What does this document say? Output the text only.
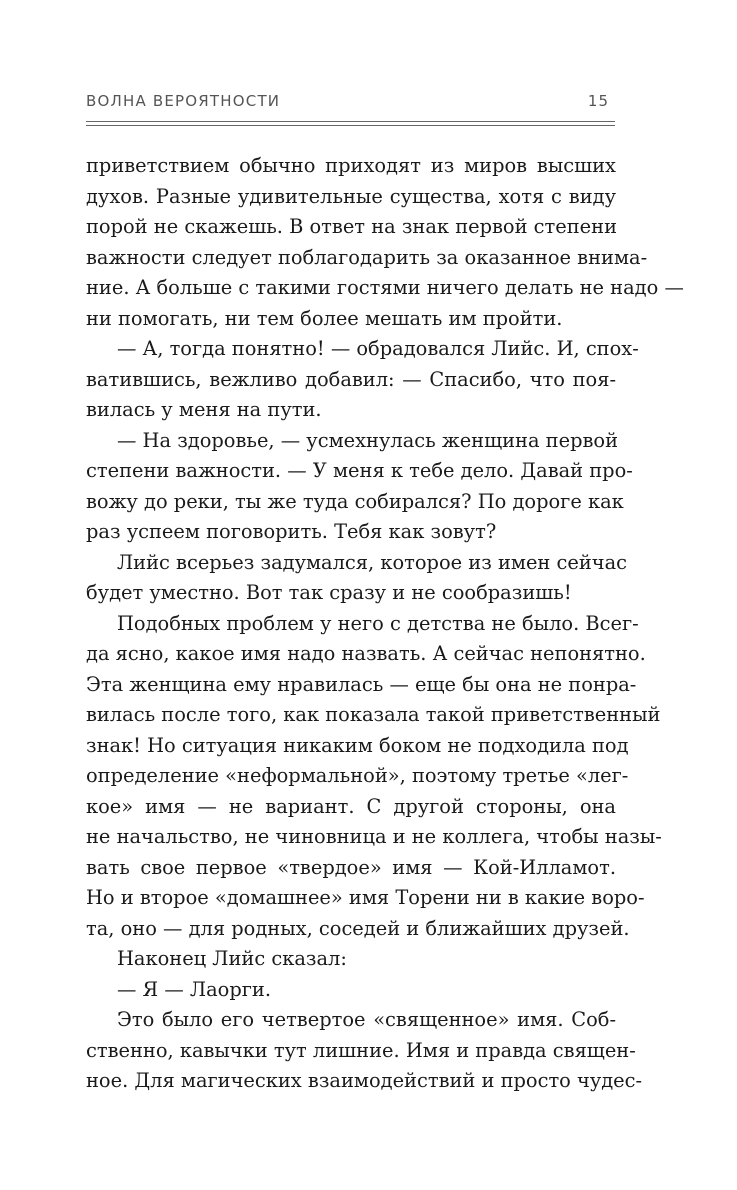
ВОЛНА ВЕРОЯТНОСТИ	15
приветствием обычно приходят из миров высших
духов. Разные удивительные существа, хотя с виду
порой не скажешь. В ответ на знак первой степени
важности следует поблагодарить за оказанное внима-
ние. А больше с такими гостями ничего делать не надо —
ни помогать, ни тем более мешать им пройти.
— А, тогда понятно! — обрадовался Лийс. И, спох-
ватившись, вежливо добавил: — Спасибо, что поя-
вилась у меня на пути.
— На здоровье, — усмехнулась женщина первой
степени важности. — У меня к тебе дело. Давай про-
вожу до реки, ты же туда собирался? По дороге как
раз успеем поговорить. Тебя как зовут?
Лийс всерьез задумался, которое из имен сейчас
будет уместно. Вот так сразу и не сообразишь!
Подобных проблем у него с детства не было. Всег-
да ясно, какое имя надо назвать. А сейчас непонятно.
Эта женщина ему нравилась — еще бы она не понра-
вилась после того, как показала такой приветственный
знак! Но ситуация никаким боком не подходила под
определение «неформальной», поэтому третье «лег-
кое» имя — не вариант. С другой стороны, она
не начальство, не чиновница и не коллега, чтобы назы-
вать свое первое «твердое» имя — Кой-Илламот.
Но и второе «домашнее» имя Торени ни в какие воро-
та, оно — для родных, соседей и ближайших друзей.
Наконец Лийс сказал:
— Я — Лаорги.
Это было его четвертое «священное» имя. Соб-
ственно, кавычки тут лишние. Имя и правда священ-
ное. Для магических взаимодействий и просто чудес-
